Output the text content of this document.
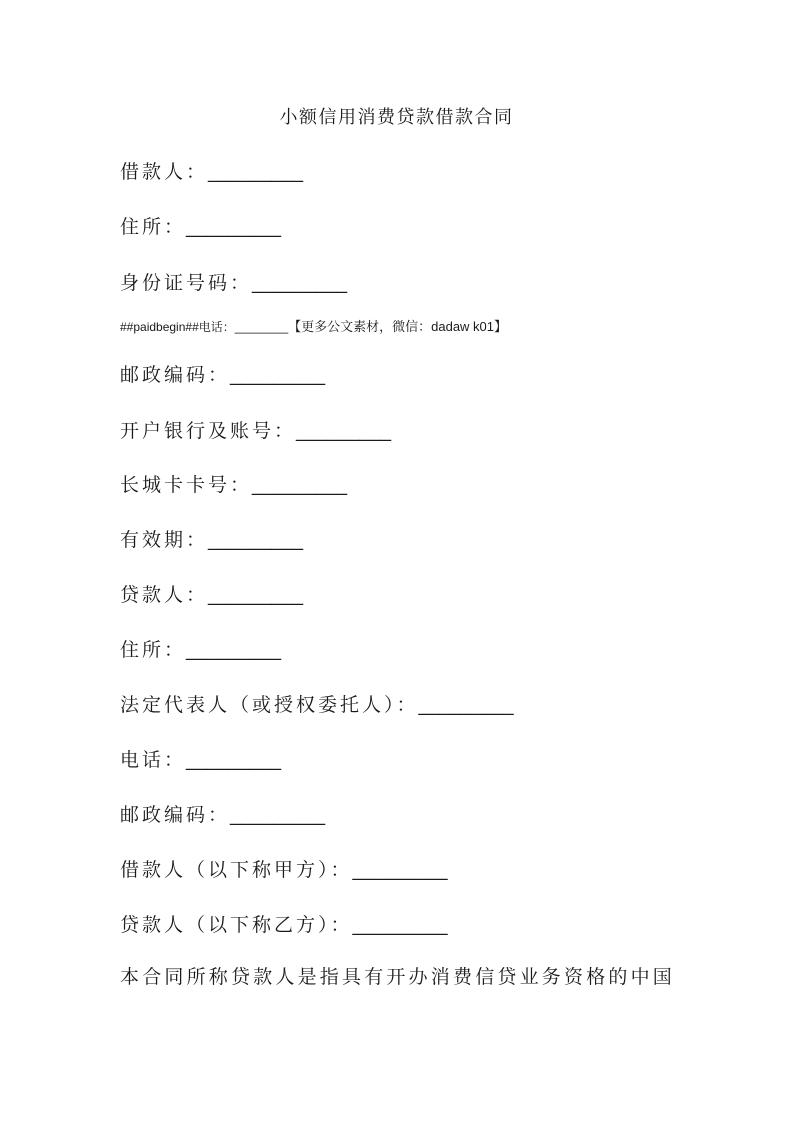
小额信用消费贷款借款合同
借款人：_________
住所：_________
身份证号码：_________
##paidbegin##电话：________【更多公文素材，微信：dadaw k01】
邮政编码：_________
开户银行及账号：_________
长城卡卡号：_________
有效期：_________
贷款人：_________
住所：_________
法定代表人（或授权委托人）：_________
电话：_________
邮政编码：_________
借款人（以下称甲方）：_________
贷款人（以下称乙方）：_________
本合同所称贷款人是指具有开办消费信贷业务资格的中国
